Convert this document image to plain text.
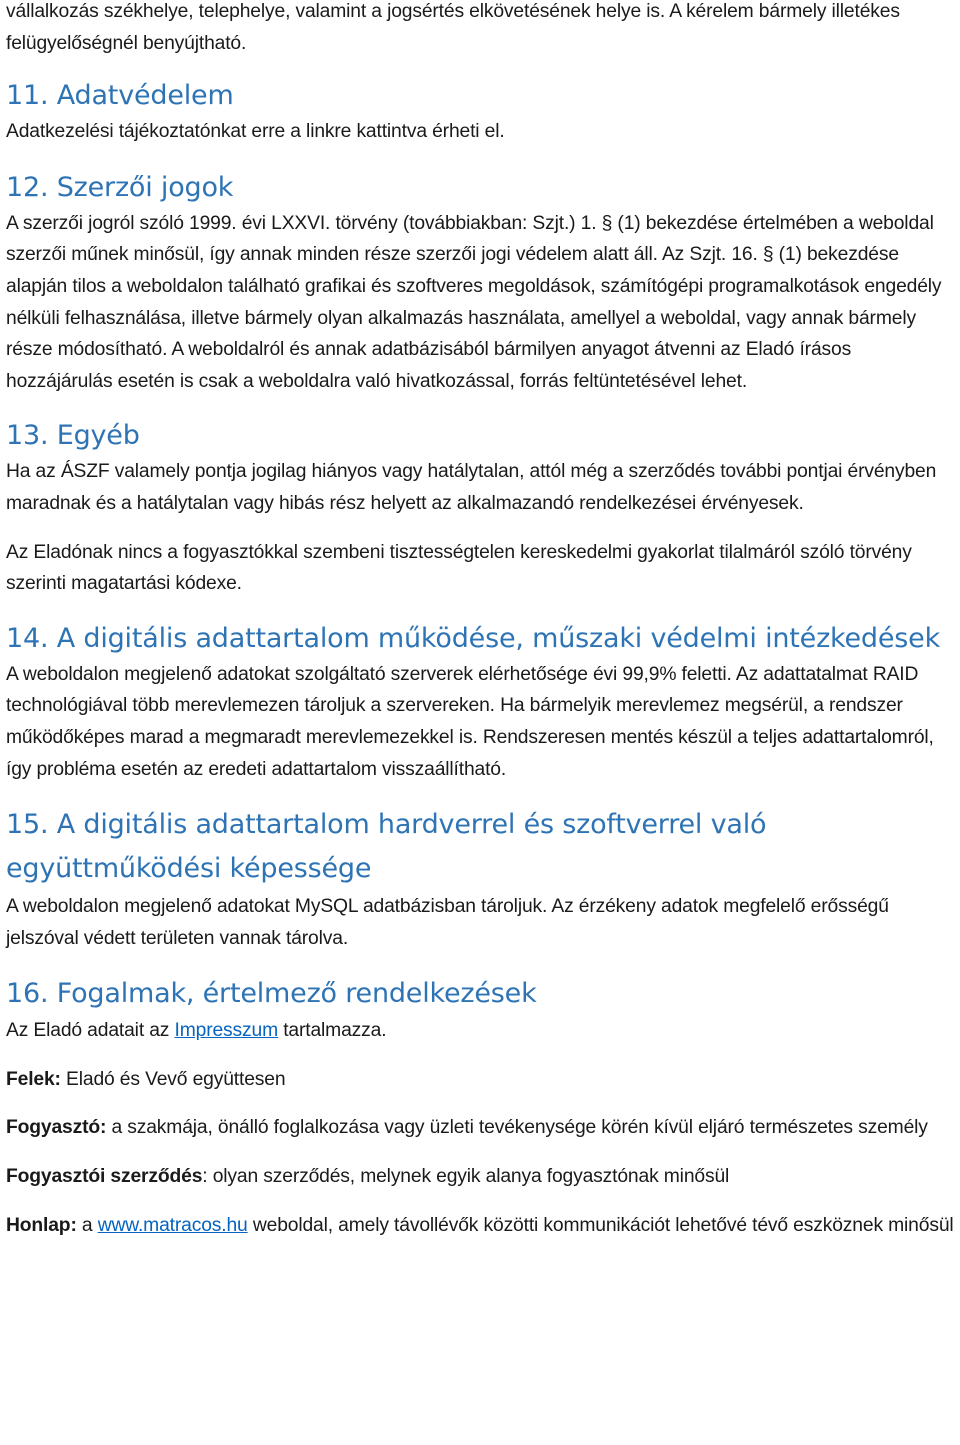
vállalkozás székhelye, telephelye, valamint a jogsértés elkövetésének helye is. A kérelem bármely illetékes felügyelőségnél benyújtható.

11. Adatvédelem

Adatkezelési tájékoztatónkat erre a linkre kattintva érheti el.

12. Szerzői jogok

A szerzői jogról szóló 1999. évi LXXVI. törvény (továbbiakban: Szjt.) 1. § (1) bekezdése értelmében a weboldal szerzői műnek minősül, így annak minden része szerzői jogi védelem alatt áll. Az Szjt. 16. § (1) bekezdése alapján tilos a weboldalon található grafikai és szoftveres megoldások, számítógépi programalkotások engedély nélküli felhasználása, illetve bármely olyan alkalmazás használata, amellyel a weboldal, vagy annak bármely része módosítható. A weboldalról és annak adatbázisából bármilyen anyagot átvenni az Eladó írásos hozzájárulás esetén is csak a weboldalra való hivatkozással, forrás feltüntetésével lehet.

13. Egyéb

Ha az ÁSZF valamely pontja jogilag hiányos vagy hatálytalan, attól még a szerződés további pontjai érvényben maradnak és a hatálytalan vagy hibás rész helyett az alkalmazandó rendelkezései érvényesek.

Az Eladónak nincs a fogyasztókkal szembeni tisztességtelen kereskedelmi gyakorlat tilalmáról szóló törvény szerinti magatartási kódexe.

14. A digitális adattartalom működése, műszaki védelmi intézkedések

A weboldalon megjelenő adatokat szolgáltató szerverek elérhetősége évi 99,9% feletti. Az adattatalmat RAID technológiával több merevlemezen tároljuk a szervereken. Ha bármelyik merevlemez megsérül, a rendszer működőképes marad a megmaradt merevlemezekkel is. Rendszeresen mentés készül a teljes adattartalomról, így probléma esetén az eredeti adattartalom visszaállítható.

15. A digitális adattartalom hardverrel és szoftverrel való együttműködési képessége

A weboldalon megjelenő adatokat MySQL adatbázisban tároljuk. Az érzékeny adatok megfelelő erősségű jelszóval védett területen vannak tárolva.

16. Fogalmak, értelmező rendelkezések

Az Eladó adatait az Impresszum tartalmazza.

Felek: Eladó és Vevő együttesen

Fogyasztó: a szakmája, önálló foglalkozása vagy üzleti tevékenysége körén kívül eljáró természetes személy

Fogyasztói szerződés: olyan szerződés, melynek egyik alanya fogyasztónak minősül

Honlap: a www.matracos.hu weboldal, amely távollévők közötti kommunikációt lehetővé tévő eszköznek minősül
